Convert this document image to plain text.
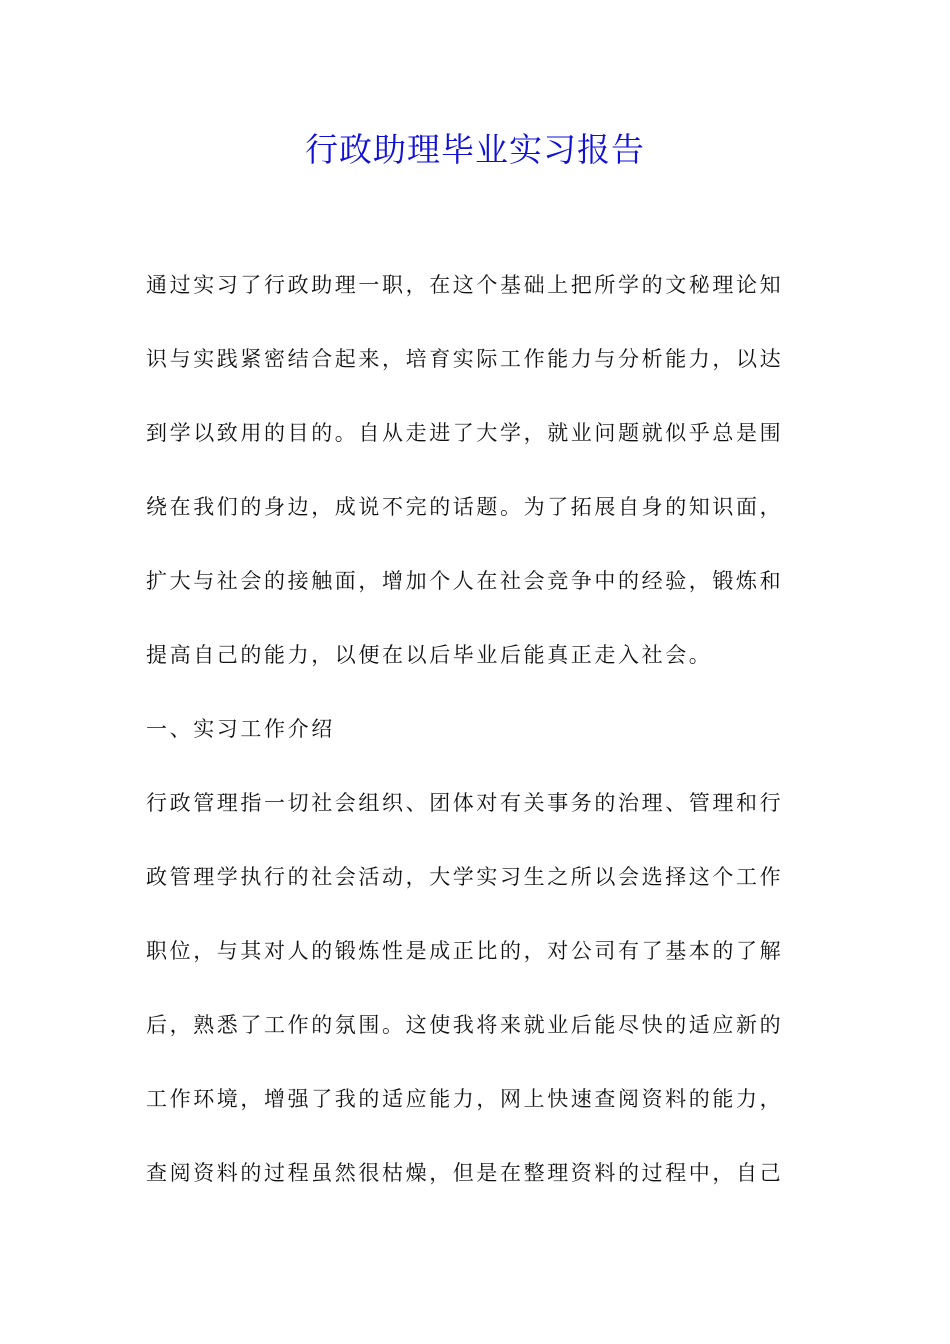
行政助理毕业实习报告
通过实习了行政助理一职，在这个基础上把所学的文秘理论知
识与实践紧密结合起来，培育实际工作能力与分析能力，以达
到学以致用的目的。自从走进了大学，就业问题就似乎总是围
绕在我们的身边，成说不完的话题。为了拓展自身的知识面，
扩大与社会的接触面，增加个人在社会竞争中的经验，锻炼和
提高自己的能力，以便在以后毕业后能真正走入社会。
一、实习工作介绍
行政管理指一切社会组织、团体对有关事务的治理、管理和行
政管理学执行的社会活动，大学实习生之所以会选择这个工作
职位，与其对人的锻炼性是成正比的，对公司有了基本的了解
后，熟悉了工作的氛围。这使我将来就业后能尽快的适应新的
工作环境，增强了我的适应能力，网上快速查阅资料的能力，
查阅资料的过程虽然很枯燥，但是在整理资料的过程中，自己
